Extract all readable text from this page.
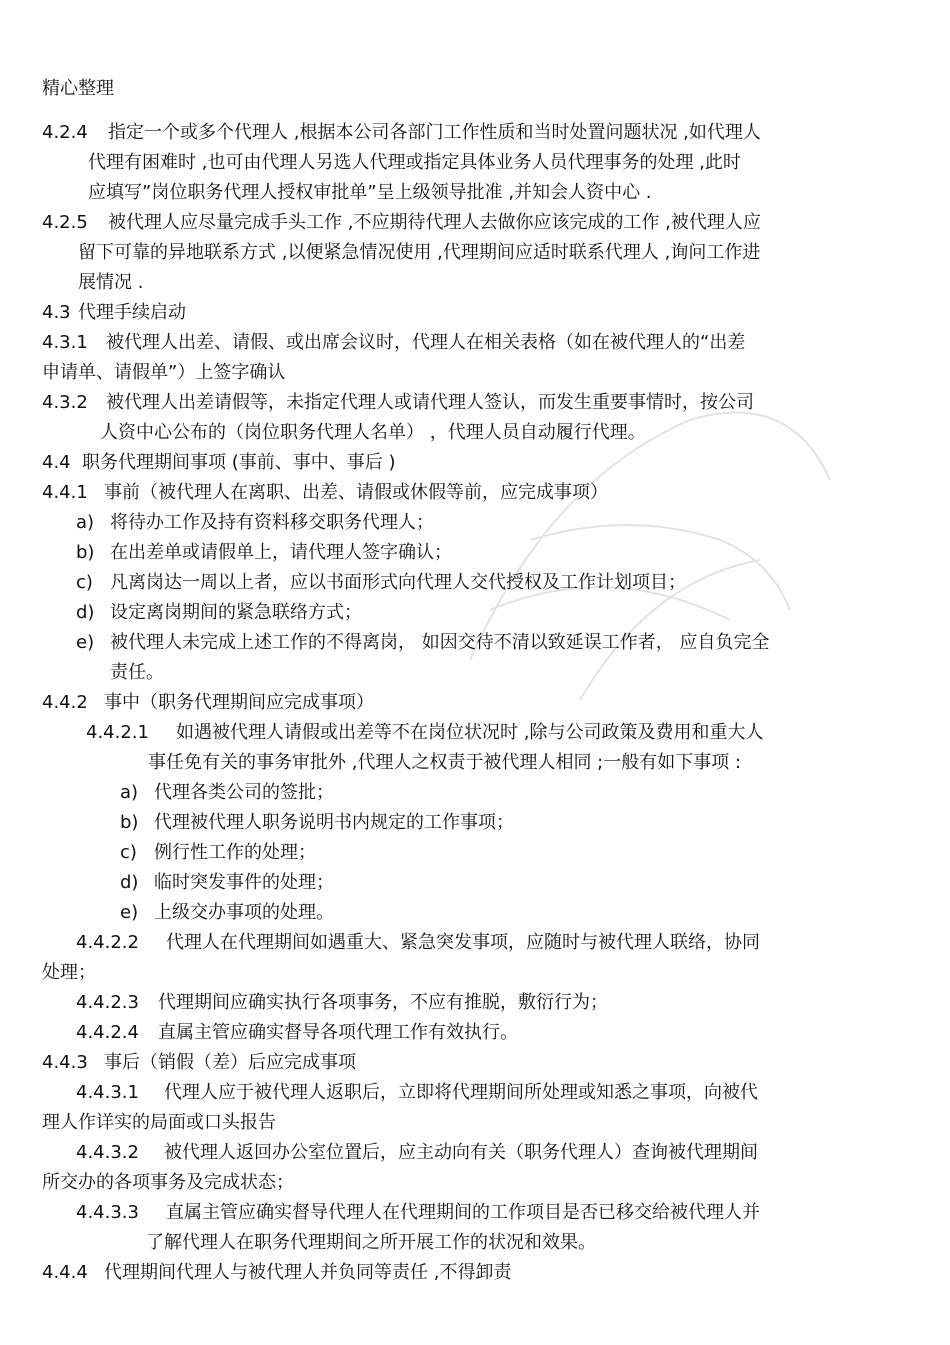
精心整理
4.2.4 指定一个或多个代理人 ,根据本公司各部门工作性质和当时处置问题状况 ,如代理人
代理有困难时 ,也可由代理人另选人代理或指定具体业务人员代理事务的处理 ,此时
应填写”岗位职务代理人授权审批单”呈上级领导批准 ,并知会人资中心 .
4.2.5 被代理人应尽量完成手头工作 ,不应期待代理人去做你应该完成的工作 ,被代理人应
留下可靠的异地联系方式 ,以便紧急情况使用 ,代理期间应适时联系代理人 ,询问工作进
展情况 .
4.3 代理手续启动
4.3.1 被代理人出差、请假、或出席会议时，代理人在相关表格（如在被代理人的“出差
申请单、请假单”）上签字确认
4.3.2 被代理人出差请假等，未指定代理人或请代理人签认，而发生重要事情时，按公司
人资中心公布的（岗位职务代理人名单） ，代理人员自动履行代理。
4.4 职务代理期间事项 (事前、事中、事后 )
4.4.1 事前（被代理人在离职、出差、请假或休假等前，应完成事项）
a) 将待办工作及持有资料移交职务代理人；
b) 在出差单或请假单上，请代理人签字确认；
c) 凡离岗达一周以上者，应以书面形式向代理人交代授权及工作计划项目；
d) 设定离岗期间的紧急联络方式；
e) 被代理人未完成上述工作的不得离岗， 如因交待不清以致延误工作者， 应自负完全
责任。
4.4.2 事中（职务代理期间应完成事项）
4.4.2.1 如遇被代理人请假或出差等不在岗位状况时 ,除与公司政策及费用和重大人
事任免有关的事务审批外 ,代理人之权责于被代理人相同 ;一般有如下事项 :
a) 代理各类公司的签批；
b) 代理被代理人职务说明书内规定的工作事项；
c) 例行性工作的处理；
d) 临时突发事件的处理；
e) 上级交办事项的处理。
4.4.2.2 代理人在代理期间如遇重大、紧急突发事项，应随时与被代理人联络，协同
处理；
4.4.2.3 代理期间应确实执行各项事务，不应有推脱，敷衍行为；
4.4.2.4 直属主管应确实督导各项代理工作有效执行。
4.4.3 事后（销假（差）后应完成事项
4.4.3.1 代理人应于被代理人返职后，立即将代理期间所处理或知悉之事项，向被代
理人作详实的局面或口头报告
4.4.3.2 被代理人返回办公室位置后，应主动向有关（职务代理人）查询被代理期间
所交办的各项事务及完成状态；
4.4.3.3 直属主管应确实督导代理人在代理期间的工作项目是否已移交给被代理人并
了解代理人在职务代理期间之所开展工作的状况和效果。
4.4.4 代理期间代理人与被代理人并负同等责任 ,不得卸责
